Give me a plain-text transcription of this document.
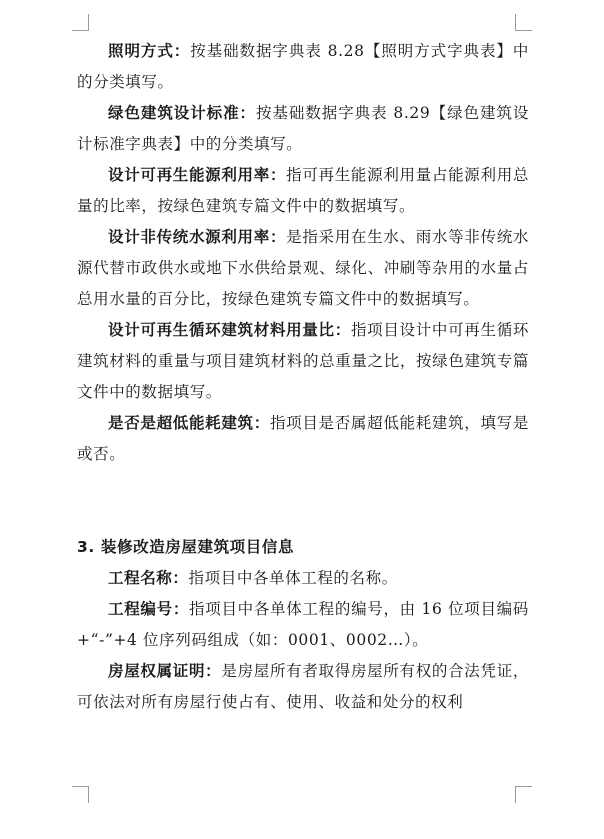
照明方式：按基础数据字典表 8.28【照明方式字典表】中的分类填写。

绿色建筑设计标准：按基础数据字典表 8.29【绿色建筑设计标准字典表】中的分类填写。

设计可再生能源利用率：指可再生能源利用量占能源利用总量的比率，按绿色建筑专篇文件中的数据填写。

设计非传统水源利用率：是指采用在生水、雨水等非传统水源代替市政供水或地下水供给景观、绿化、冲刷等杂用的水量占总用水量的百分比，按绿色建筑专篇文件中的数据填写。

设计可再生循环建筑材料用量比：指项目设计中可再生循环建筑材料的重量与项目建筑材料的总重量之比，按绿色建筑专篇文件中的数据填写。

是否是超低能耗建筑：指项目是否属超低能耗建筑，填写是或否。

3. 装修改造房屋建筑项目信息

工程名称：指项目中各单体工程的名称。

工程编号：指项目中各单体工程的编号，由 16 位项目编码+“-”+4 位序列码组成（如：0001、0002…）。

房屋权属证明：是房屋所有者取得房屋所有权的合法凭证，可依法对所有房屋行使占有、使用、收益和处分的权利
